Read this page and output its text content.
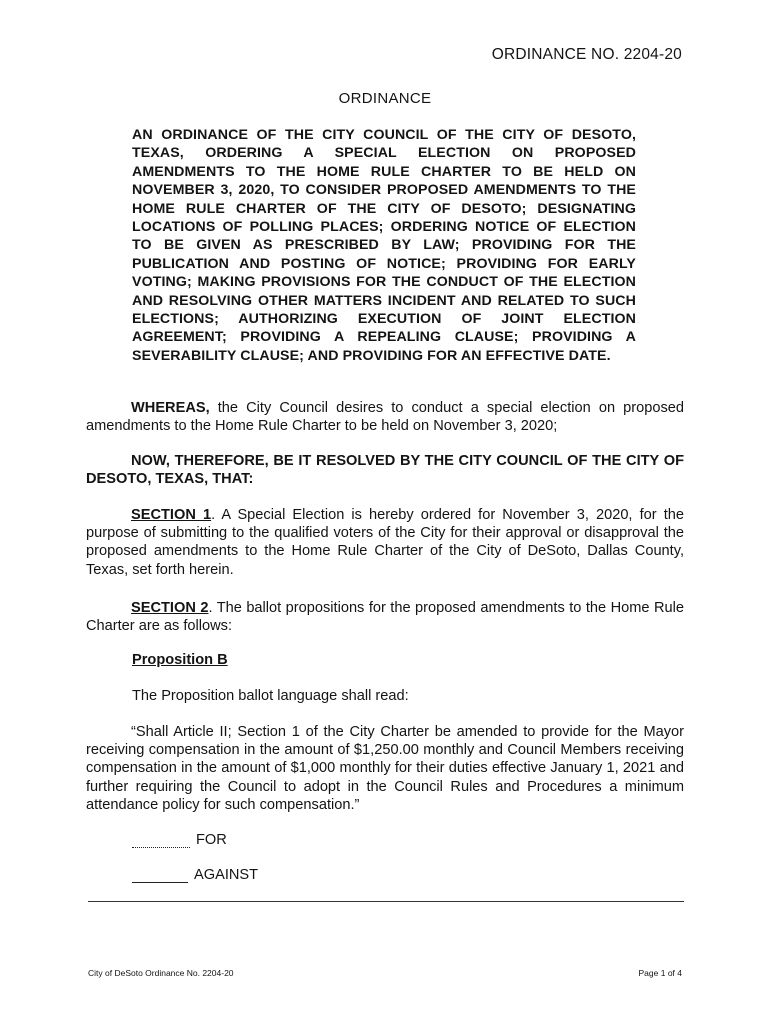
ORDINANCE NO. 2204-20
ORDINANCE
AN ORDINANCE OF THE CITY COUNCIL OF THE CITY OF DESOTO, TEXAS, ORDERING A SPECIAL ELECTION ON PROPOSED AMENDMENTS TO THE HOME RULE CHARTER TO BE HELD ON NOVEMBER 3, 2020, TO CONSIDER PROPOSED AMENDMENTS TO THE HOME RULE CHARTER OF THE CITY OF DESOTO; DESIGNATING LOCATIONS OF POLLING PLACES; ORDERING NOTICE OF ELECTION TO BE GIVEN AS PRESCRIBED BY LAW; PROVIDING FOR THE PUBLICATION AND POSTING OF NOTICE; PROVIDING FOR EARLY VOTING; MAKING PROVISIONS FOR THE CONDUCT OF THE ELECTION AND RESOLVING OTHER MATTERS INCIDENT AND RELATED TO SUCH ELECTIONS; AUTHORIZING EXECUTION OF JOINT ELECTION AGREEMENT; PROVIDING A REPEALING CLAUSE; PROVIDING A SEVERABILITY CLAUSE; AND PROVIDING FOR AN EFFECTIVE DATE.
WHEREAS, the City Council desires to conduct a special election on proposed amendments to the Home Rule Charter to be held on November 3, 2020;
NOW, THEREFORE, BE IT RESOLVED BY THE CITY COUNCIL OF THE CITY OF DESOTO, TEXAS, THAT:
SECTION 1. A Special Election is hereby ordered for November 3, 2020, for the purpose of submitting to the qualified voters of the City for their approval or disapproval the proposed amendments to the Home Rule Charter of the City of DeSoto, Dallas County, Texas, set forth herein.
SECTION 2. The ballot propositions for the proposed amendments to the Home Rule Charter are as follows:
Proposition B
The Proposition ballot language shall read:
“Shall Article II; Section 1 of the City Charter be amended to provide for the Mayor receiving compensation in the amount of $1,250.00 monthly and Council Members receiving compensation in the amount of $1,000 monthly for their duties effective January 1, 2021 and further requiring the Council to adopt in the Council Rules and Procedures a minimum attendance policy for such compensation.”
FOR
AGAINST
City of DeSoto Ordinance No. 2204-20	Page 1 of 4
